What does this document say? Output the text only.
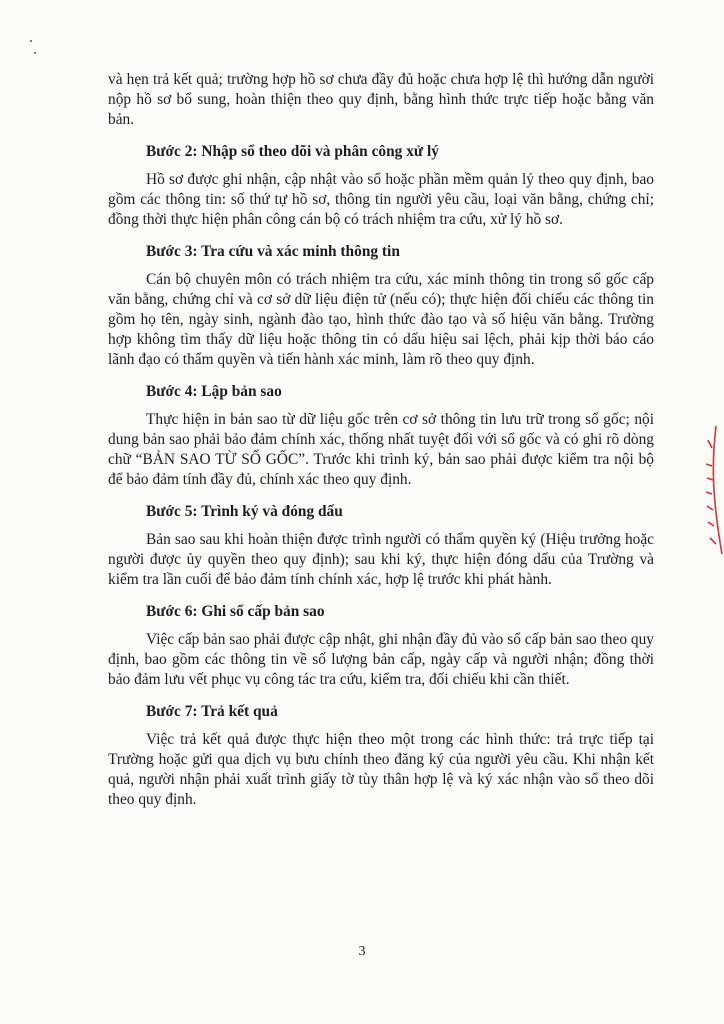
và hẹn trả kết quả; trường hợp hồ sơ chưa đầy đủ hoặc chưa hợp lệ thì hướng dẫn người nộp hồ sơ bổ sung, hoàn thiện theo quy định, bằng hình thức trực tiếp hoặc bằng văn bản.

Bước 2: Nhập sổ theo dõi và phân công xử lý

Hồ sơ được ghi nhận, cập nhật vào sổ hoặc phần mềm quản lý theo quy định, bao gồm các thông tin: số thứ tự hồ sơ, thông tin người yêu cầu, loại văn bằng, chứng chỉ; đồng thời thực hiện phân công cán bộ có trách nhiệm tra cứu, xử lý hồ sơ.

Bước 3: Tra cứu và xác minh thông tin

Cán bộ chuyên môn có trách nhiệm tra cứu, xác minh thông tin trong sổ gốc cấp văn bằng, chứng chỉ và cơ sở dữ liệu điện tử (nếu có); thực hiện đối chiếu các thông tin gồm họ tên, ngày sinh, ngành đào tạo, hình thức đào tạo và số hiệu văn bằng. Trường hợp không tìm thấy dữ liệu hoặc thông tin có dấu hiệu sai lệch, phải kịp thời báo cáo lãnh đạo có thẩm quyền và tiến hành xác minh, làm rõ theo quy định.

Bước 4: Lập bản sao

Thực hiện in bản sao từ dữ liệu gốc trên cơ sở thông tin lưu trữ trong sổ gốc; nội dung bản sao phải bảo đảm chính xác, thống nhất tuyệt đối với sổ gốc và có ghi rõ dòng chữ “BẢN SAO TỪ SỔ GỐC”. Trước khi trình ký, bản sao phải được kiểm tra nội bộ để bảo đảm tính đầy đủ, chính xác theo quy định.

Bước 5: Trình ký và đóng dấu

Bản sao sau khi hoàn thiện được trình người có thẩm quyền ký (Hiệu trưởng hoặc người được ủy quyền theo quy định); sau khi ký, thực hiện đóng dấu của Trường và kiểm tra lần cuối để bảo đảm tính chính xác, hợp lệ trước khi phát hành.

Bước 6: Ghi sổ cấp bản sao

Việc cấp bản sao phải được cập nhật, ghi nhận đầy đủ vào sổ cấp bản sao theo quy định, bao gồm các thông tin về số lượng bản cấp, ngày cấp và người nhận; đồng thời bảo đảm lưu vết phục vụ công tác tra cứu, kiểm tra, đối chiếu khi cần thiết.

Bước 7: Trả kết quả

Việc trả kết quả được thực hiện theo một trong các hình thức: trả trực tiếp tại Trường hoặc gửi qua dịch vụ bưu chính theo đăng ký của người yêu cầu. Khi nhận kết quả, người nhận phải xuất trình giấy tờ tùy thân hợp lệ và ký xác nhận vào sổ theo dõi theo quy định.

3
